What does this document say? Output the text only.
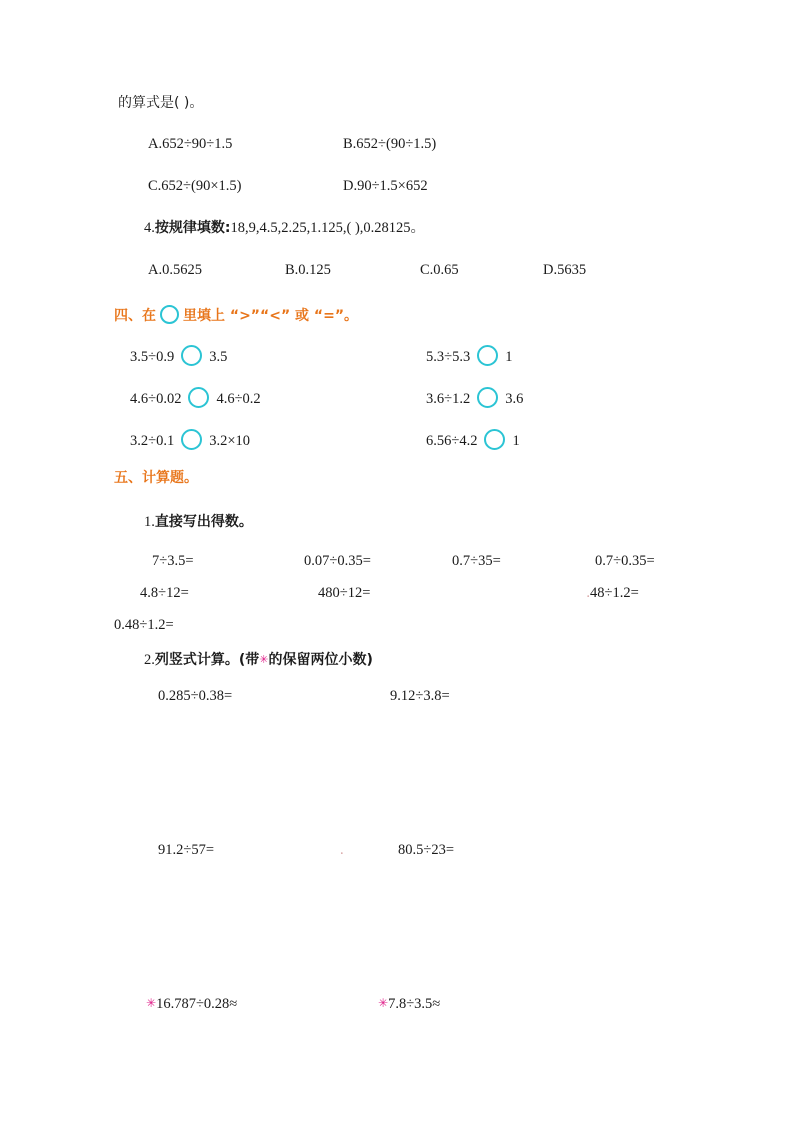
的算式是( )。
A.652÷90÷1.5	B.652÷(90÷1.5)
C.652÷(90×1.5)	D.90÷1.5×652
4.按规律填数:18,9,4.5,2.25,1.125,( ),0.28125。
A.0.5625	B.0.125	C.0.65	D.5635
四、在 里填上 “>”“<” 或 “=”。
3.5÷0.9 3.5	5.3÷5.3 1
4.6÷0.02 4.6÷0.2	3.6÷1.2 3.6
3.2÷0.1 3.2×10	6.56÷4.2 1
五、计算题。
1.直接写出得数。
7÷3.5=	0.07÷0.35=	0.7÷35=	0.7÷0.35=
4.8÷12=	480÷12=	. 48÷1.2=
0.48÷1.2=
2.列竖式计算。(带✳的保留两位小数)
0.285÷0.38=	9.12÷3.8=
91.2÷57=	.	80.5÷23=
✳16.787÷0.28≈	✳7.8÷3.5≈
